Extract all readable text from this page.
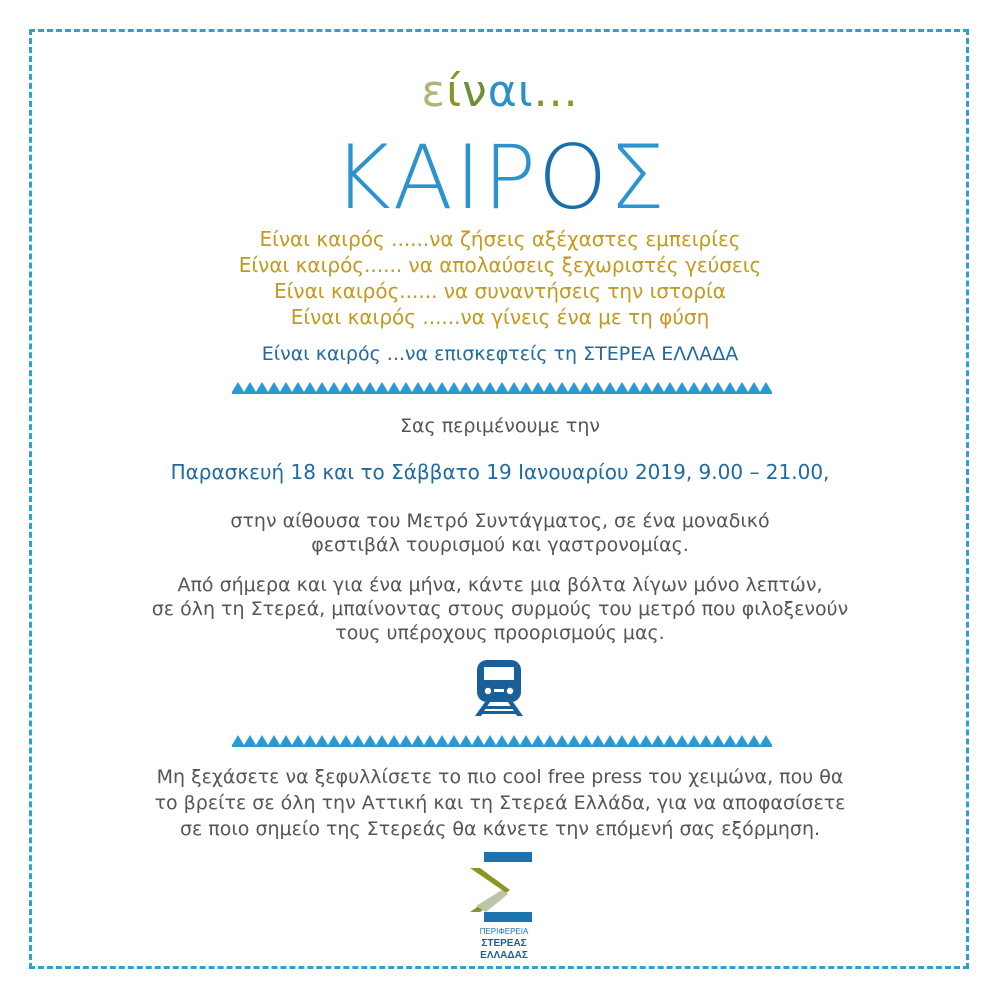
είναι...
ΚΑΙΡΟΣ
Είναι καιρός ......να ζήσεις αξέχαστες εμπειρίες
Είναι καιρός...... να απολαύσεις ξεχωριστές γεύσεις
Είναι καιρός...... να συναντήσεις την ιστορία
Είναι καιρός ......να γίνεις ένα με τη φύση
Είναι καιρός ...να επισκεφτείς τη ΣΤΕΡΕΑ ΕΛΛΑΔΑ
Σας περιμένουμε την
Παρασκευή 18 και το Σάββατο 19 Ιανουαρίου 2019, 9.00 – 21.00,
στην αίθουσα του Μετρό Συντάγματος, σε ένα μοναδικό
φεστιβάλ τουρισμού και γαστρονομίας.
Από σήμερα και για ένα μήνα, κάντε μια βόλτα λίγων μόνο λεπτών,
σε όλη τη Στερεά, μπαίνοντας στους συρμούς του μετρό που φιλοξενούν
τους υπέροχους προορισμούς μας.
Μη ξεχάσετε να ξεφυλλίσετε το πιο cool free press του χειμώνα, που θα
το βρείτε σε όλη την Αττική και τη Στερεά Ελλάδα, για να αποφασίσετε
σε ποιο σημείο της Στερεάς θα κάνετε την επόμενή σας εξόρμηση.
ΠΕΡΙΦΕΡΕΙΑ
ΣΤΕΡΕΑΣ
ΕΛΛΑΔΑΣ
